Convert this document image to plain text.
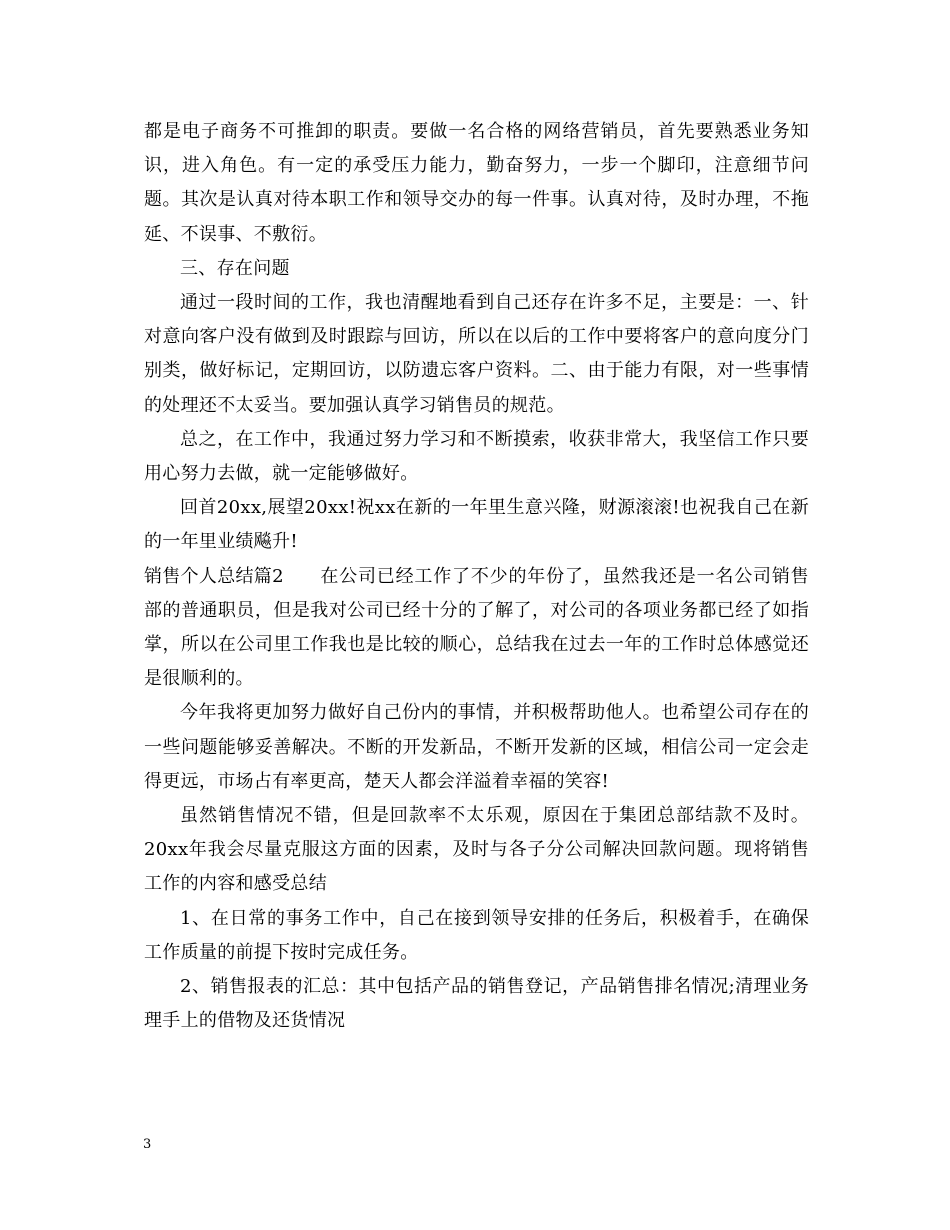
都是电子商务不可推卸的职责。要做一名合格的网络营销员，首先要熟悉业务知识，进入角色。有一定的承受压力能力，勤奋努力，一步一个脚印，注意细节问题。其次是认真对待本职工作和领导交办的每一件事。认真对待，及时办理，不拖延、不误事、不敷衍。

三、存在问题

通过一段时间的工作，我也清醒地看到自己还存在许多不足，主要是：一、针对意向客户没有做到及时跟踪与回访，所以在以后的工作中要将客户的意向度分门别类，做好标记，定期回访，以防遗忘客户资料。二、由于能力有限，对一些事情的处理还不太妥当。要加强认真学习销售员的规范。

总之，在工作中，我通过努力学习和不断摸索，收获非常大，我坚信工作只要用心努力去做，就一定能够做好。

回首20xx,展望20xx!祝xx在新的一年里生意兴隆，财源滚滚!也祝我自己在新的一年里业绩飚升!

销售个人总结篇2 在公司已经工作了不少的年份了，虽然我还是一名公司销售部的普通职员，但是我对公司已经十分的了解了，对公司的各项业务都已经了如指掌，所以在公司里工作我也是比较的顺心，总结我在过去一年的工作时总体感觉还是很顺利的。

今年我将更加努力做好自己份内的事情，并积极帮助他人。也希望公司存在的一些问题能够妥善解决。不断的开发新品，不断开发新的区域，相信公司一定会走得更远，市场占有率更高，楚天人都会洋溢着幸福的笑容!

虽然销售情况不错，但是回款率不太乐观，原因在于集团总部结款不及时。20xx年我会尽量克服这方面的因素，及时与各子分公司解决回款问题。现将销售工作的内容和感受总结

1、在日常的事务工作中，自己在接到领导安排的任务后，积极着手，在确保工作质量的前提下按时完成任务。

2、销售报表的汇总：其中包括产品的销售登记，产品销售排名情况;清理业务理手上的借物及还货情况

3
